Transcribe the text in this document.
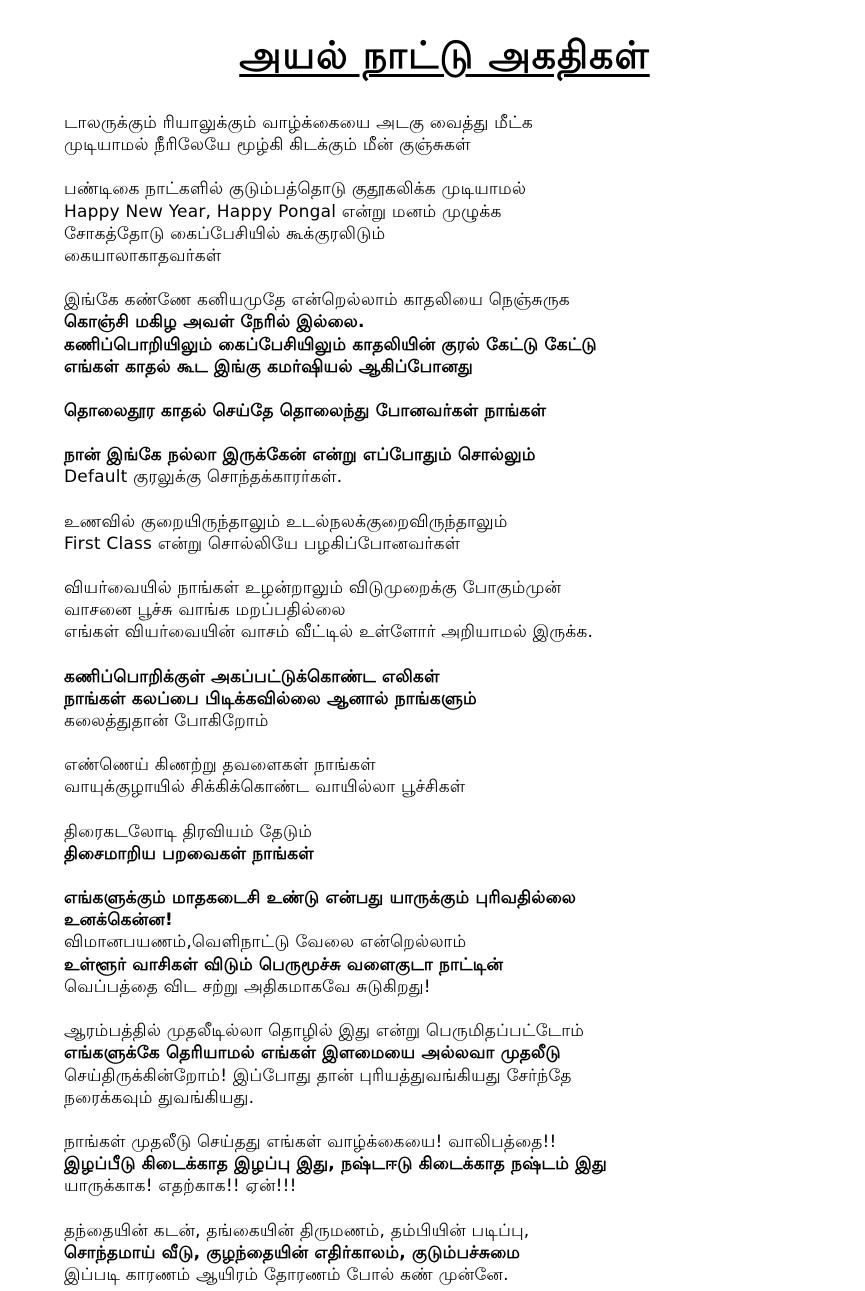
அயல் நாட்டு அகதிகள்
டாலருக்கும் ரியாலுக்கும் வாழ்க்கையை அடகு வைத்து மீட்க
முடியாமல் நீரிலேயே மூழ்கி கிடக்கும் மீன் குஞ்சுகள்
பண்டிகை நாட்களில் குடும்பத்தொடு குதூகலிக்க முடியாமல்
Happy New Year, Happy Pongal என்று மனம் முழுக்க
சோகத்தோடு கைப்பேசியில் கூக்குரலிடும்
கையாலாகாதவர்கள்
இங்கே கண்ணே கனியமுதே என்றெல்லாம் காதலியை நெஞ்சுருக
கொஞ்சி மகிழ அவள் நேரில் இல்லை.
கணிப்பொறியிலும் கைப்பேசியிலும் காதலியின் குரல் கேட்டு கேட்டு
எங்கள் காதல் கூட இங்கு கமர்ஷியல் ஆகிப்போனது
தொலைதூர காதல் செய்தே தொலைந்து போனவர்கள் நாங்கள்
நான் இங்கே நல்லா இருக்கேன் என்று எப்போதும் சொல்லும்
Default குரலுக்கு சொந்தக்காரர்கள்.
உணவில் குறையிருந்தாலும் உடல்நலக்குறைவிருந்தாலும்
First Class என்று சொல்லியே பழகிப்போனவர்கள்
வியர்வையில் நாங்கள் உழன்றாலும் விடுமுறைக்கு போகும்முன்
வாசனை பூச்சு வாங்க மறப்பதில்லை
எங்கள் வியர்வையின் வாசம் வீட்டில் உள்ளோர் அறியாமல் இருக்க.
கணிப்பொறிக்குள் அகப்பட்டுக்கொண்ட எலிகள்
நாங்கள் கலப்பை பிடிக்கவில்லை ஆனால் நாங்களும்
கலைத்துதான் போகிறோம்
எண்ணெய் கிணற்று தவளைகள் நாங்கள்
வாயுக்குழாயில் சிக்கிக்கொண்ட வாயில்லா பூச்சிகள்
திரைகடலோடி திரவியம் தேடும்
திசைமாறிய பறவைகள் நாங்கள்
எங்களுக்கும் மாதகடைசி உண்டு என்பது யாருக்கும் புரிவதில்லை
உனக்கென்ன!
விமானபயணம்,வெளிநாட்டு வேலை என்றெல்லாம்
உள்ளூர் வாசிகள் விடும் பெருமூச்சு வளைகுடா நாட்டின்
வெப்பத்தை விட சற்று அதிகமாகவே சுடுகிறது!
ஆரம்பத்தில் முதலீடில்லா தொழில் இது என்று பெருமிதப்பட்டோம்
எங்களுக்கே தெரியாமல் எங்கள் இளமையை அல்லவா முதலீடு
செய்திருக்கின்றோம்! இப்போது தான் புரியத்துவங்கியது சேர்ந்தே
நரைக்கவும் துவங்கியது.
நாங்கள் முதலீடு செய்தது எங்கள் வாழ்க்கையை! வாலிபத்தை!!
இழப்பீடு கிடைக்காத இழப்பு இது, நஷ்டஈடு கிடைக்காத நஷ்டம் இது
யாருக்காக! எதற்காக!! ஏன்!!!
தந்தையின் கடன், தங்கையின் திருமணம், தம்பியின் படிப்பு,
சொந்தமாய் வீடு, குழந்தையின் எதிர்காலம், குடும்பச்சுமை
இப்படி காரணம் ஆயிரம் தோரணம் போல் கண் முன்னே.
